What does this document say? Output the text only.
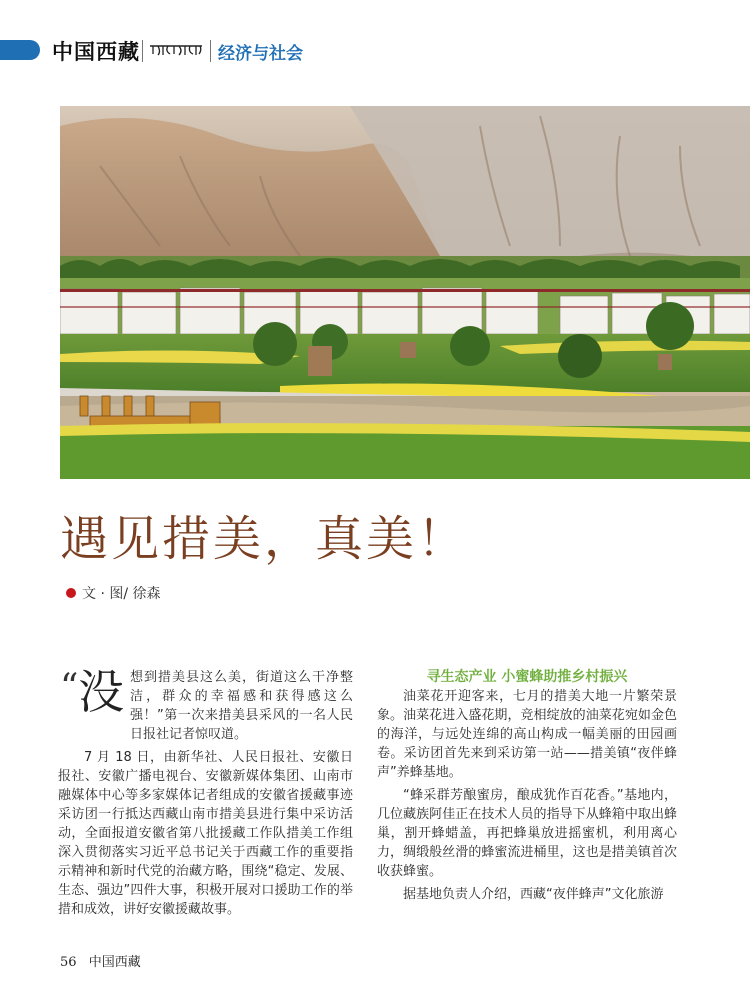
中国西藏	经济与社会
遇见措美，真美！
文 · 图/ 徐森
“ 没 想到措美县这么美，街道这么干净整洁，群众的幸福感和获得感这么强！”第一次来措美县采风的一名人民日报社记者惊叹道。

7 月 18 日，由新华社、人民日报社、安徽日报社、安徽广播电视台、安徽新媒体集团、山南市融媒体中心等多家媒体记者组成的安徽省援藏事迹采访团一行抵达西藏山南市措美县进行集中采访活动，全面报道安徽省第八批援藏工作队措美工作组深入贯彻落实习近平总书记关于西藏工作的重要指示精神和新时代党的治藏方略，围绕“稳定、发展、生态、强边”四件大事，积极开展对口援助工作的举措和成效，讲好安徽援藏故事。

寻生态产业 小蜜蜂助推乡村振兴

油菜花开迎客来，七月的措美大地一片繁荣景象。油菜花进入盛花期，竞相绽放的油菜花宛如金色的海洋，与远处连绵的高山构成一幅美丽的田园画卷。采访团首先来到采访第一站——措美镇“夜伴蜂声”养蜂基地。

“蜂采群芳酿蜜房，酿成犹作百花香。”基地内，几位藏族阿佳正在技术人员的指导下从蜂箱中取出蜂巢，割开蜂蜡盖，再把蜂巢放进摇蜜机，利用离心力，绸缎般丝滑的蜂蜜流进桶里，这也是措美镇首次收获蜂蜜。

据基地负责人介绍，西藏“夜伴蜂声”文化旅游

56 中国西藏
